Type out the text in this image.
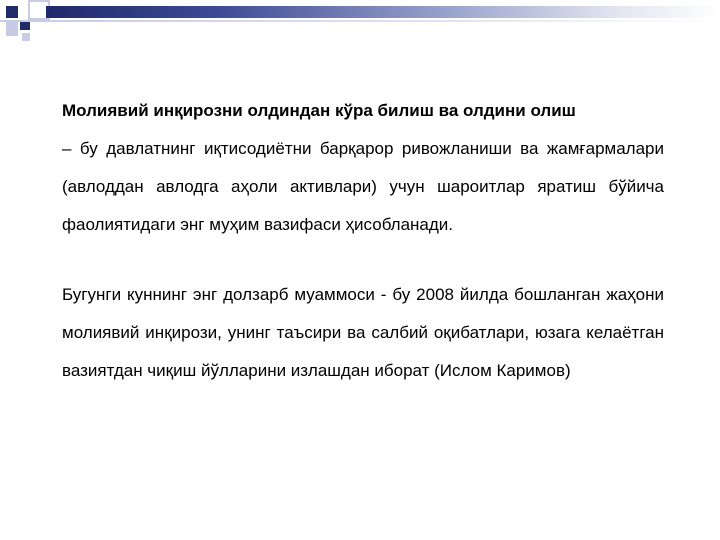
Молиявий инқирозни олдиндан кўра билиш ва олдини олиш
– бу давлатнинг иқтисодиётни барқарор ривожланиши ва жамғармалари (авлоддан авлодга аҳоли активлари) учун шароитлар яратиш бўйича фаолиятидаги энг муҳим вазифаси ҳисобланади.

Бугунги куннинг энг долзарб муаммоси - бу 2008 йилда бошланган жаҳони молиявий инқирози, унинг таъсири ва салбий оқибатлари, юзага келаётган вазиятдан чиқиш йўлларини излашдан иборат (Ислом Каримов)
